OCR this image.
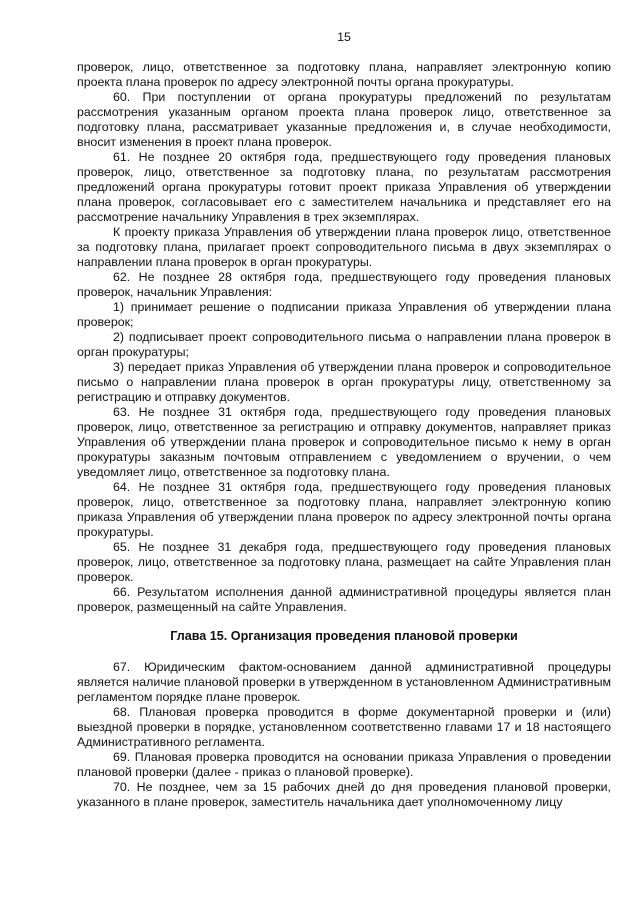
15

проверок, лицо, ответственное за подготовку плана, направляет электронную копию проекта плана проверок по адресу электронной почты органа прокуратуры.

60. При поступлении от органа прокуратуры предложений по результатам рассмотрения указанным органом проекта плана проверок лицо, ответственное за подготовку плана, рассматривает указанные предложения и, в случае необходимости, вносит изменения в проект плана проверок.

61. Не позднее 20 октября года, предшествующего году проведения плановых проверок, лицо, ответственное за подготовку плана, по результатам рассмотрения предложений органа прокуратуры готовит проект приказа Управления об утверждении плана проверок, согласовывает его с заместителем начальника и представляет его на рассмотрение начальнику Управления в трех экземплярах.

К проекту приказа Управления об утверждении плана проверок лицо, ответственное за подготовку плана, прилагает проект сопроводительного письма в двух экземплярах о направлении плана проверок в орган прокуратуры.

62. Не позднее 28 октября года, предшествующего году проведения плановых проверок, начальник Управления:

1) принимает решение о подписании приказа Управления об утверждении плана проверок;

2) подписывает проект сопроводительного письма о направлении плана проверок в орган прокуратуры;

3) передает приказ Управления об утверждении плана проверок и сопроводительное письмо о направлении плана проверок в орган прокуратуры лицу, ответственному за регистрацию и отправку документов.

63. Не позднее 31 октября года, предшествующего году проведения плановых проверок, лицо, ответственное за регистрацию и отправку документов, направляет приказ Управления об утверждении плана проверок и сопроводительное письмо к нему в орган прокуратуры заказным почтовым отправлением с уведомлением о вручении, о чем уведомляет лицо, ответственное за подготовку плана.

64. Не позднее 31 октября года, предшествующего году проведения плановых проверок, лицо, ответственное за подготовку плана, направляет электронную копию приказа Управления об утверждении плана проверок по адресу электронной почты органа прокуратуры.

65. Не позднее 31 декабря года, предшествующего году проведения плановых проверок, лицо, ответственное за подготовку плана, размещает на сайте Управления план проверок.

66. Результатом исполнения данной административной процедуры является план проверок, размещенный на сайте Управления.

Глава 15. Организация проведения плановой проверки

67. Юридическим фактом-основанием данной административной процедуры является наличие плановой проверки в утвержденном в установленном Административным регламентом порядке плане проверок.

68. Плановая проверка проводится в форме документарной проверки и (или) выездной проверки в порядке, установленном соответственно главами 17 и 18 настоящего Административного регламента.

69. Плановая проверка проводится на основании приказа Управления о проведении плановой проверки (далее - приказ о плановой проверке).

70. Не позднее, чем за 15 рабочих дней до дня проведения плановой проверки, указанного в плане проверок, заместитель начальника дает уполномоченному лицу
